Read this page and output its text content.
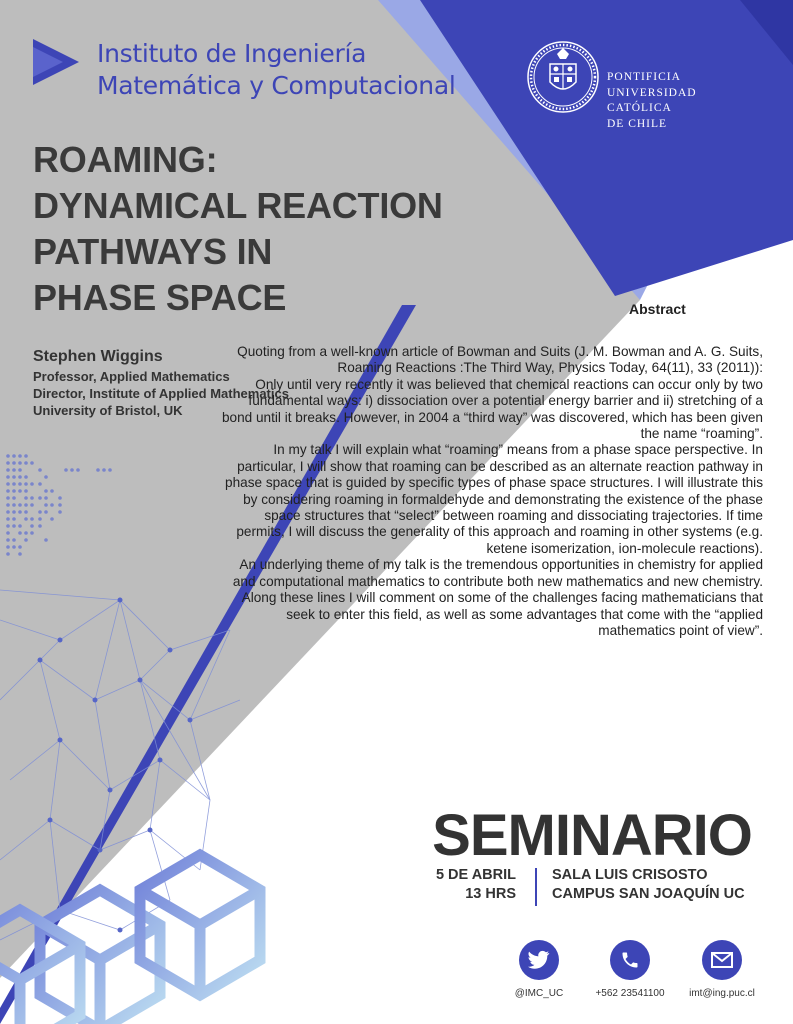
Instituto de Ingeniería
Matemática y Computacional	PONTIFICIA
UNIVERSIDAD
CATÓLICA
DE CHILE
ROAMING:
DYNAMICAL REACTION
PATHWAYS IN
PHASE SPACE
Stephen Wiggins
Professor, Applied Mathematics
Director, Institute of Applied Mathematics
University of Bristol, UK
Abstract

Quoting from a well-known article of Bowman and Suits (J. M. Bowman and A. G. Suits, Roaming Reactions :The Third Way, Physics Today, 64(11), 33 (2011)):

Only until very recently it was believed that chemical reactions can occur only by two fundamental ways: i) dissociation over a potential energy barrier and ii) stretching of a bond until it breaks. However, in 2004 a “third way” was discovered, which has been given the name “roaming”.

In my talk I will explain what “roaming” means from a phase space perspective. In particular, I will show that roaming can be described as an alternate reaction pathway in phase space that is guided by specific types of phase space structures. I will illustrate this by considering roaming in formaldehyde and demonstrating the existence of the phase space structures that “select” between roaming and dissociating trajectories. If time permits, I will discuss the generality of this approach and roaming in other systems (e.g. ketene isomerization, ion-molecule reactions).

An underlying theme of my talk is the tremendous opportunities in chemistry for applied and computational mathematics to contribute both new mathematics and new chemistry. Along these lines I will comment on some of the challenges facing mathematicians that seek to enter this field, as well as some advantages that come with the “applied mathematics point of view”.

SEMINARIO
5 DE ABRIL
13 HRS
SALA LUIS CRISOSTO
CAMPUS SAN JOAQUÍN UC
@IMC_UC	+562 23541100	imt@ing.puc.cl
